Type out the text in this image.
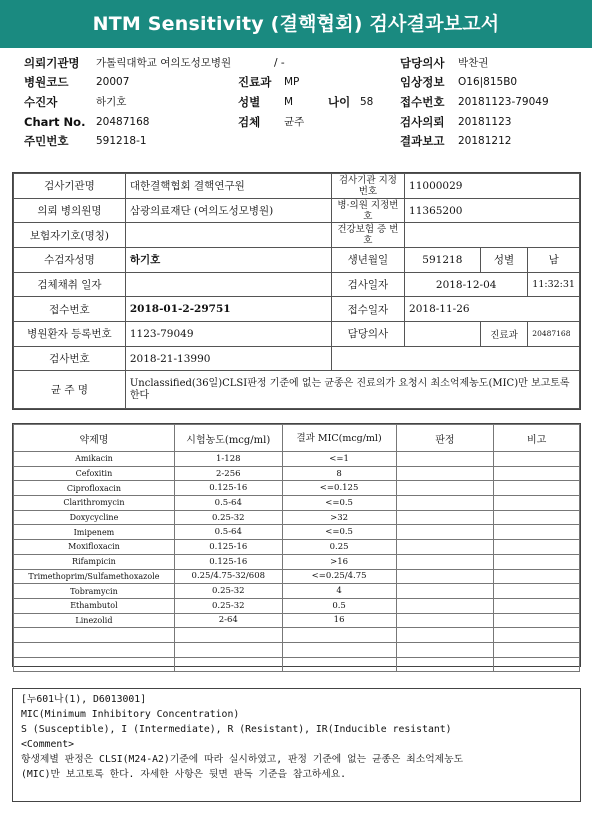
NTM Sensitivity (결핵협회) 검사결과보고서
의뢰기관명 가톨릭대학교 여의도성모병원	/ -	담당의사 박찬권
병원코드	20007	진료과 MP	임상정보 O16|815B0
수진자	하기호	성별 M	나이 58 접수번호 20181123-79049
Chart No. 20487168	검체 균주	검사의뢰 20181123
주민번호	591218-1	결과보고 20181212
검사기관명	대한결핵협회 결핵연구원	검사기관 지정번호	11000029		
의뢰 병의원명	삼광의료재단 (여의도성모병원)	병·의원 지정번호	11365200		
보험자기호(명칭)		건강보험 증 번호			
수검자성명	하기호	생년월일	591218	성별	남
검체채취 일자		검사일자	2018-12-04		11:32:31
접수번호	2018-01-2-29751	접수일자	2018-11-26		
병원환자 등록번호	1123-79049	담당의사		진료과	20487168
검사번호	2018-21-13990				
균 주 명	Unclassified(36일)CLSI판정 기준에 없는 균종은 진료의가 요청시 최소억제농도(MIC)만 보고토록 한다				
약제명	시험농도(mcg/ml)	결과 MIC(mcg/ml)	판정	비고
Amikacin	1-128	<=1		
Cefoxitin	2-256	8		
Ciprofloxacin	0.125-16	<=0.125		
Clarithromycin	0.5-64	<=0.5		
Doxycycline	0.25-32	>32		
Imipenem	0.5-64	<=0.5		
Moxifloxacin	0.125-16	0.25		
Rifampicin	0.125-16	>16		
Trimethoprim/Sulfamethoxazole	0.25/4.75-32/608	<=0.25/4.75		
Tobramycin	0.25-32	4		
Ethambutol	0.25-32	0.5		
Linezolid	2-64	16		

[누601나(1), D6013001]
MIC(Minimum Inhibitory Concentration)
S (Susceptible), I (Intermediate), R (Resistant), IR(Inducible resistant)
<Comment>
항생제별 판정은 CLSI(M24-A2)기준에 따라 실시하였고, 판정 기준에 없는 균종은 최소억제농도
(MIC)만 보고토록 한다. 자세한 사항은 뒷면 판독 기준을 참고하세요.
